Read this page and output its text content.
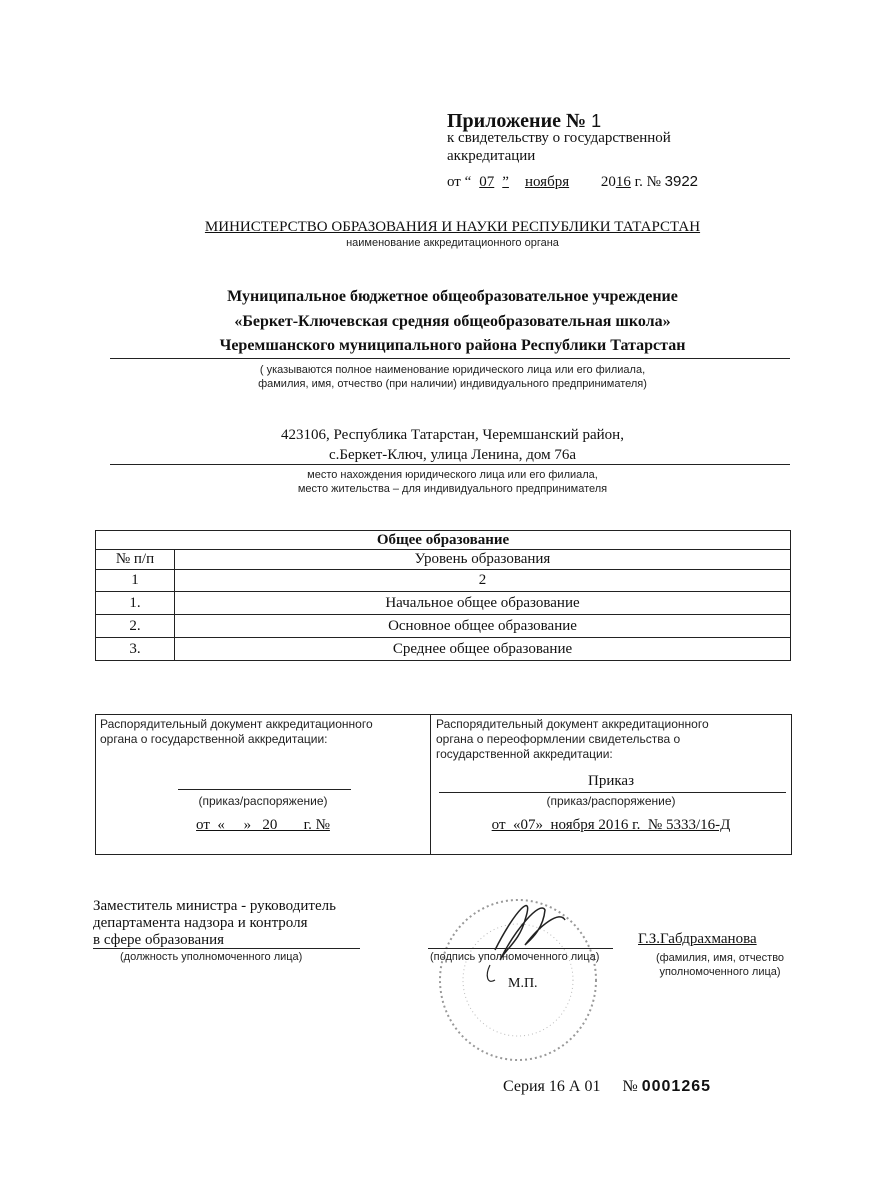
Приложение № 1
к свидетельству о государственной
аккредитации
от “ 07 ” ноября 2016 г. № 3922
МИНИСТЕРСТВО ОБРАЗОВАНИЯ И НАУКИ РЕСПУБЛИКИ ТАТАРСТАН
наименование аккредитационного органа
Муниципальное бюджетное общеобразовательное учреждение
«Беркет-Ключевская средняя общеобразовательная школа»
Черемшанского муниципального района Республики Татарстан
( указываются полное наименование юридического лица или его филиала,
фамилия, имя, отчество (при наличии) индивидуального предпринимателя)
423106, Республика Татарстан, Черемшанский район,
с.Беркет-Ключ, улица Ленина, дом 76а
место нахождения юридического лица или его филиала,
место жительства – для индивидуального предпринимателя
Общее образование	
№ п/п	Уровень образования
1	2
1.	Начальное общее образование
2.	Основное общее образование
3.	Среднее общее образование
Распорядительный документ аккредитационного
органа о государственной аккредитации:
(приказ/распоряжение)
от  «     »   20       г. №
Распорядительный документ аккредитационного
органа о переоформлении свидетельства о
государственной аккредитации:
Приказ
(приказ/распоряжение)
от  «07»  ноября 2016 г.  № 5333/16-Д
Заместитель министра - руководитель
департамента надзора и контроля
в сфере образования
(должность уполномоченного лица)	(подпись уполномоченного лица)
М.П.
Г.З.Габдрахманова
(фамилия, имя, отчество
уполномоченного лица)
Серия 16 А 01 № 0001265
